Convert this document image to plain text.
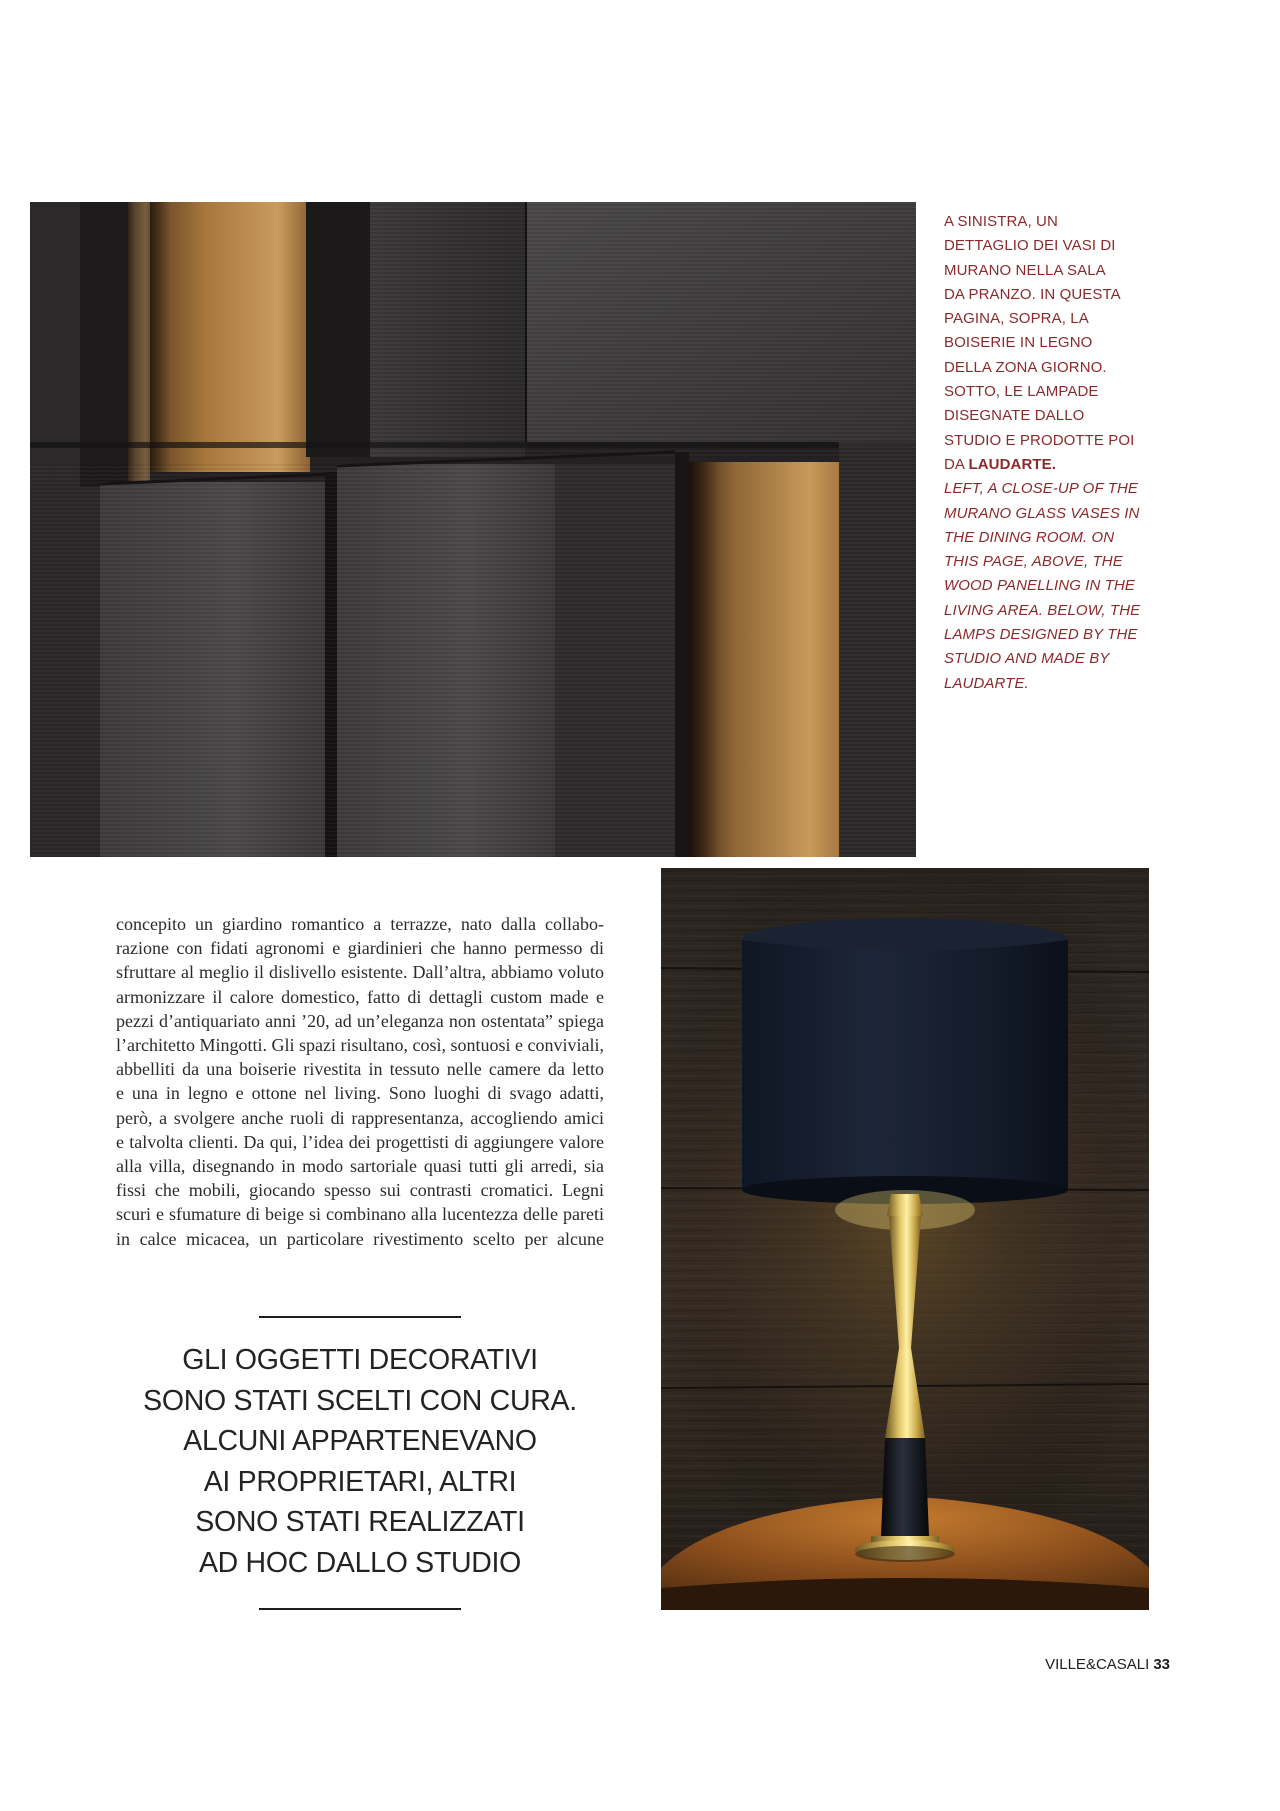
A SINISTRA, UN
DETTAGLIO DEI VASI DI
MURANO NELLA SALA
DA PRANZO. IN QUESTA
PAGINA, SOPRA, LA
BOISERIE IN LEGNO
DELLA ZONA GIORNO.
SOTTO, LE LAMPADE
DISEGNATE DALLO
STUDIO E PRODOTTE POI
DA LAUDARTE.
LEFT, A CLOSE-UP OF THE
MURANO GLASS VASES IN
THE DINING ROOM. ON
THIS PAGE, ABOVE, THE
WOOD PANELLING IN THE
LIVING AREA. BELOW, THE
LAMPS DESIGNED BY THE
STUDIO AND MADE BY
LAUDARTE.
concepito un giardino romantico a terrazze, nato dalla collabo-
razione con fidati agronomi e giardinieri che hanno permesso di
sfruttare al meglio il dislivello esistente. Dall’altra, abbiamo voluto
armonizzare il calore domestico, fatto di dettagli custom made e
pezzi d’antiquariato anni ’20, ad un’eleganza non ostentata” spiega
l’architetto Mingotti. Gli spazi risultano, così, sontuosi e conviviali,
abbelliti da una boiserie rivestita in tessuto nelle camere da letto
e una in legno e ottone nel living. Sono luoghi di svago adatti,
però, a svolgere anche ruoli di rappresentanza, accogliendo amici
e talvolta clienti. Da qui, l’idea dei progettisti di aggiungere valore
alla villa, disegnando in modo sartoriale quasi tutti gli arredi, sia
fissi che mobili, giocando spesso sui contrasti cromatici. Legni
scuri e sfumature di beige si combinano alla lucentezza delle pareti
in calce micacea, un particolare rivestimento scelto per alcune
GLI OGGETTI DECORATIVI
SONO STATI SCELTI CON CURA.
ALCUNI APPARTENEVANO
AI PROPRIETARI, ALTRI
SONO STATI REALIZZATI
AD HOC DALLO STUDIO
VILLE&CASALI 33
